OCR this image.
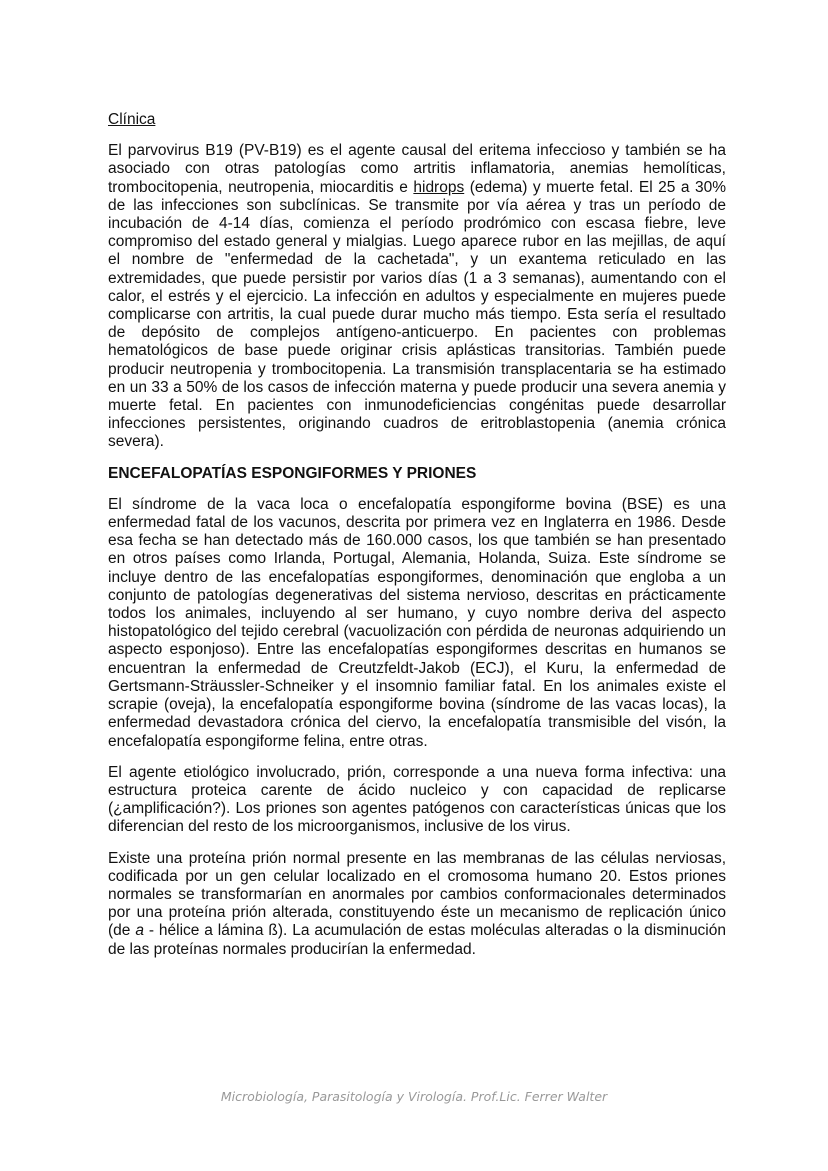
Clínica

El parvovirus B19 (PV-B19) es el agente causal del eritema infeccioso y también se ha asociado con otras patologías como artritis inflamatoria, anemias hemolíticas, trombocitopenia, neutropenia, miocarditis e hidrops (edema) y muerte fetal. El 25 a 30% de las infecciones son subclínicas. Se transmite por vía aérea y tras un período de incubación de 4-14 días, comienza el período prodrómico con escasa fiebre, leve compromiso del estado general y mialgias. Luego aparece rubor en las mejillas, de aquí el nombre de "enfermedad de la cachetada", y un exantema reticulado en las extremidades, que puede persistir por varios días (1 a 3 semanas), aumentando con el calor, el estrés y el ejercicio. La infección en adultos y especialmente en mujeres puede complicarse con artritis, la cual puede durar mucho más tiempo. Esta sería el resultado de depósito de complejos antígeno-anticuerpo. En pacientes con problemas hematológicos de base puede originar crisis aplásticas transitorias. También puede producir neutropenia y trombocitopenia. La transmisión transplacentaria se ha estimado en un 33 a 50% de los casos de infección materna y puede producir una severa anemia y muerte fetal. En pacientes con inmunodeficiencias congénitas puede desarrollar infecciones persistentes, originando cuadros de eritroblastopenia (anemia crónica severa).

ENCEFALOPATÍAS ESPONGIFORMES Y PRIONES

El síndrome de la vaca loca o encefalopatía espongiforme bovina (BSE) es una enfermedad fatal de los vacunos, descrita por primera vez en Inglaterra en 1986. Desde esa fecha se han detectado más de 160.000 casos, los que también se han presentado en otros países como Irlanda, Portugal, Alemania, Holanda, Suiza. Este síndrome se incluye dentro de las encefalopatías espongiformes, denominación que engloba a un conjunto de patologías degenerativas del sistema nervioso, descritas en prácticamente todos los animales, incluyendo al ser humano, y cuyo nombre deriva del aspecto histopatológico del tejido cerebral (vacuolización con pérdida de neuronas adquiriendo un aspecto esponjoso). Entre las encefalopatías espongiformes descritas en humanos se encuentran la enfermedad de Creutzfeldt-Jakob (ECJ), el Kuru, la enfermedad de Gertsmann-Sträussler-Schneiker y el insomnio familiar fatal. En los animales existe el scrapie (oveja), la encefalopatía espongiforme bovina (síndrome de las vacas locas), la enfermedad devastadora crónica del ciervo, la encefalopatía transmisible del visón, la encefalopatía espongiforme felina, entre otras.

El agente etiológico involucrado, prión, corresponde a una nueva forma infectiva: una estructura proteica carente de ácido nucleico y con capacidad de replicarse (¿amplificación?). Los priones son agentes patógenos con características únicas que los diferencian del resto de los microorganismos, inclusive de los virus.

Existe una proteína prión normal presente en las membranas de las células nerviosas, codificada por un gen celular localizado en el cromosoma humano 20. Estos priones normales se transformarían en anormales por cambios conformacionales determinados por una proteína prión alterada, constituyendo éste un mecanismo de replicación único (de a - hélice a lámina ß). La acumulación de estas moléculas alteradas o la disminución de las proteínas normales producirían la enfermedad.

Microbiología, Parasitología y Virología. Prof.Lic. Ferrer Walter
